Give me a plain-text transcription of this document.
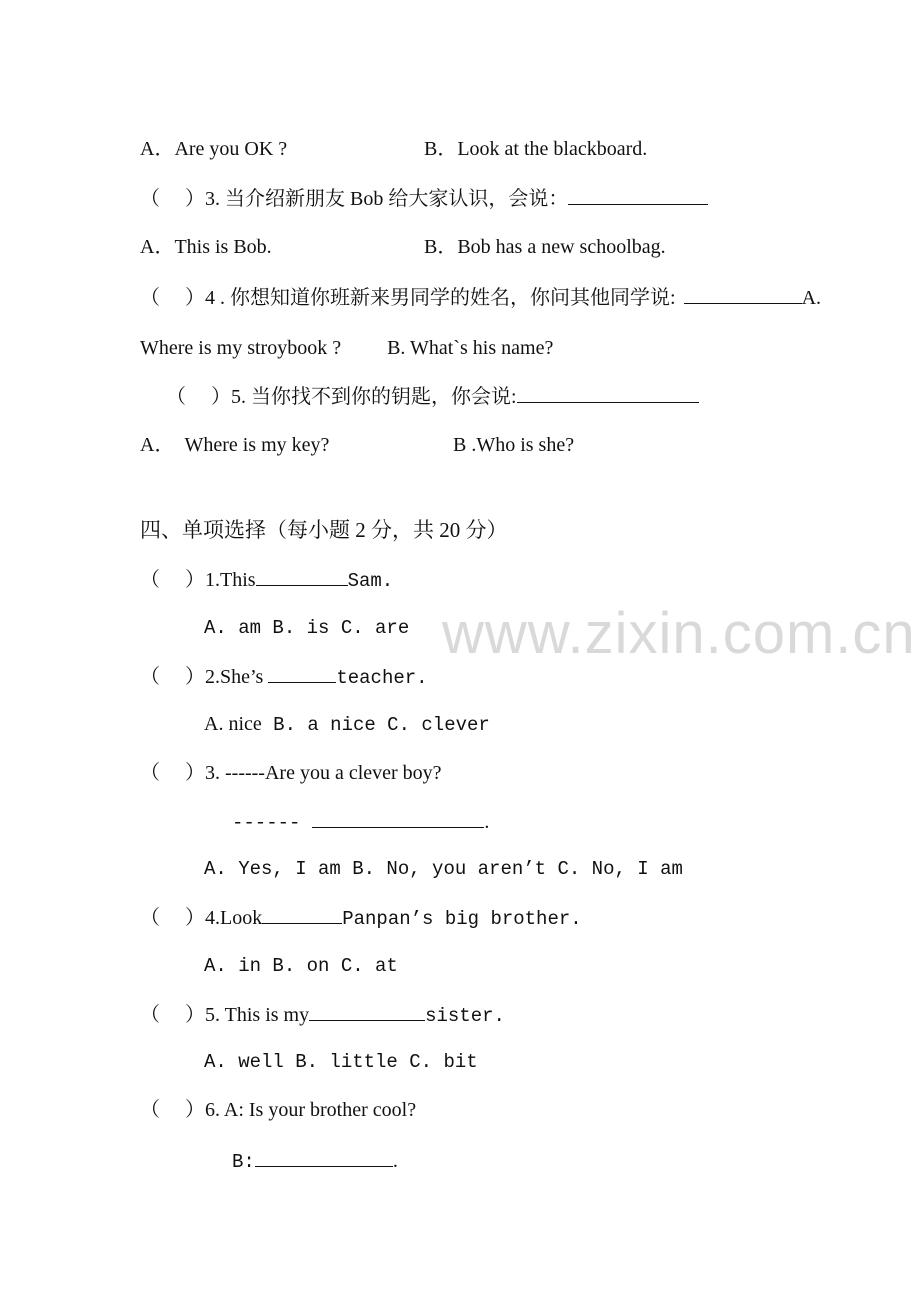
www.zixin.com.cn
A．Are you OK ?	B．Look at the blackboard.
（　 ）3. 当介绍新朋友 Bob 给大家认识，会说：
A．This is Bob.	B．Bob has a new schoolbag.
（　 ）4 . 你想知道你班新来男同学的姓名，你问其他同学说:	A.
Where is my stroybook ? B. What`s his name?
（　 ）5. 当你找不到你的钥匙，你会说:
A．　Where is my key?	B .Who is she?
四、单项选择（每小题 2 分，共 20 分）
（　 ）1.This	Sam.
A. am B. is C. are
（　 ）2.She’s	teacher.
A. nice B. a nice C. clever
（　 ）3. ------Are you a clever boy?
------	.
A. Yes, I am B. No, you aren’t C. No, I am
（　 ）4.Look	Panpan’s big brother.
A. in B. on C. at
（　 ）5. This is my	sister.
A. well B. little C. bit
（　 ）6. A: Is your brother cool?
B:	.
